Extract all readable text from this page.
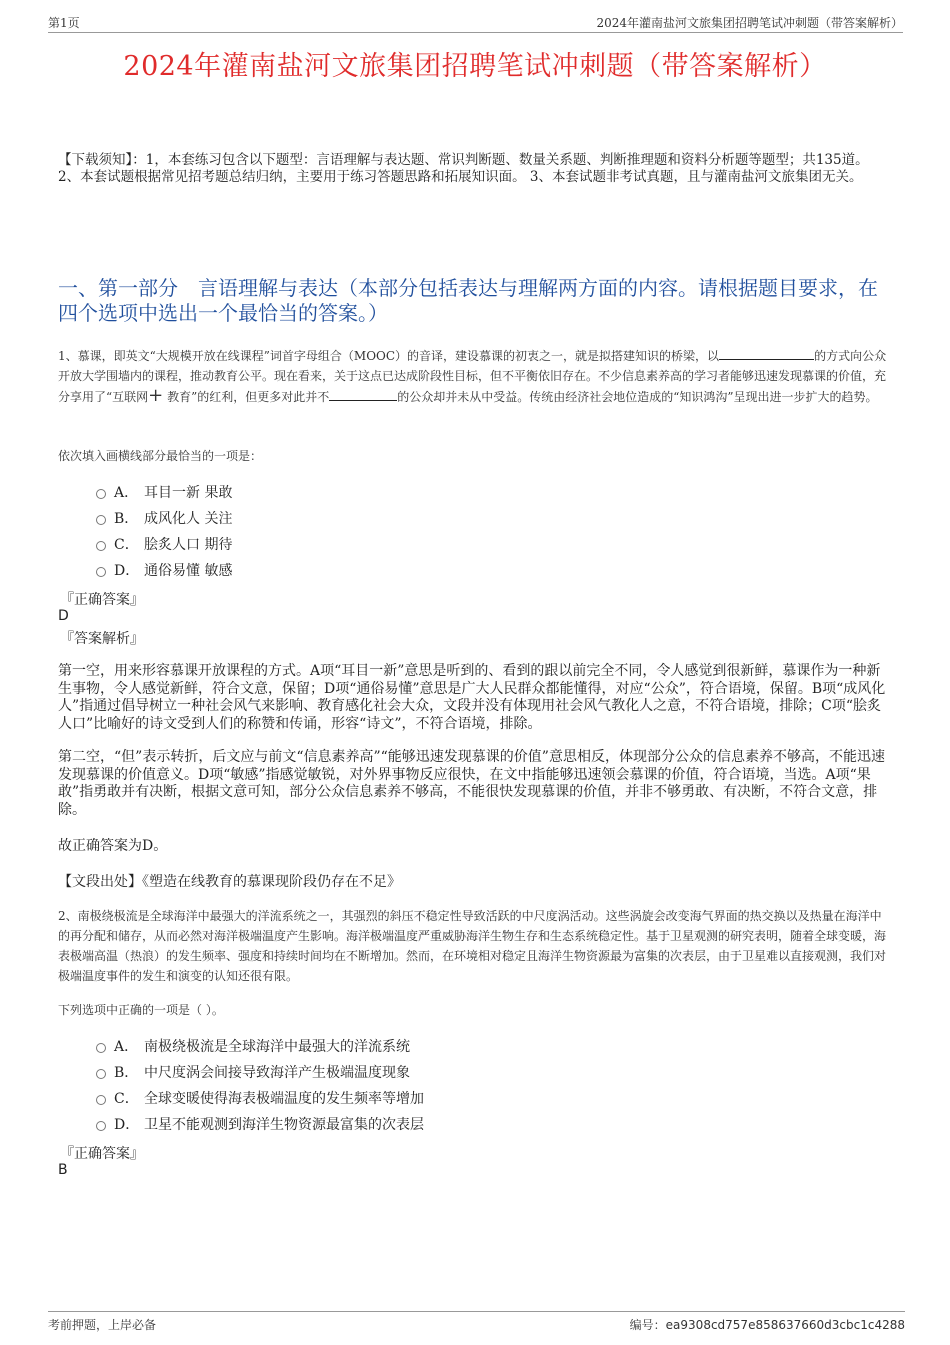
第1页	2024年灌南盐河文旅集团招聘笔试冲刺题（带答案解析）
2024年灌南盐河文旅集团招聘笔试冲刺题（带答案解析）
【下载须知】：1，本套练习包含以下题型：言语理解与表达题、常识判断题、数量关系题、判断推理题和资料分析题等题型；共135道。 2、本套试题根据常见招考题总结归纳，主要用于练习答题思路和拓展知识面。 3、本套试题非考试真题，且与灌南盐河文旅集团无关。
一、第一部分　言语理解与表达（本部分包括表达与理解两方面的内容。请根据题目要求，在四个选项中选出一个最恰当的答案。）
1、慕课，即英文“大规模开放在线课程”词首字母组合（MOOC）的音译，建设慕课的初衷之一，就是拟搭建知识的桥梁，以	的方式向公众开放大学围墙内的课程，推动教育公平。现在看来，关于这点已达成阶段性目标，但不平衡依旧存在。不少信息素养高的学习者能够迅速发现慕课的价值，充分享用了“互联网+ 教育”的红利，但更多对此并不	的公众却并未从中受益。传统由经济社会地位造成的“知识鸿沟”呈现出进一步扩大的趋势。
依次填入画横线部分最恰当的一项是：
A． 耳目一新 果敢
B． 成风化人 关注
C． 脍炙人口 期待
D． 通俗易懂 敏感
『正确答案』
D
『答案解析』
第一空，用来形容慕课开放课程的方式。A项“耳目一新”意思是听到的、看到的跟以前完全不同，令人感觉到很新鲜，慕课作为一种新生事物，令人感觉新鲜，符合文意，保留；D项“通俗易懂”意思是广大人民群众都能懂得，对应“公众”，符合语境，保留。B项“成风化人”指通过倡导树立一种社会风气来影响、教育感化社会大众，文段并没有体现用社会风气教化人之意，不符合语境，排除；C项“脍炙人口”比喻好的诗文受到人们的称赞和传诵，形容“诗文”，不符合语境，排除。
第二空，“但”表示转折，后文应与前文“信息素养高”“能够迅速发现慕课的价值”意思相反，体现部分公众的信息素养不够高，不能迅速发现慕课的价值意义。D项“敏感”指感觉敏锐，对外界事物反应很快，在文中指能够迅速领会慕课的价值，符合语境，当选。A项“果敢”指勇敢并有决断，根据文意可知，部分公众信息素养不够高，不能很快发现慕课的价值，并非不够勇敢、有决断，不符合文意，排除。
故正确答案为D。
【文段出处】《塑造在线教育的慕课现阶段仍存在不足》
2、南极绕极流是全球海洋中最强大的洋流系统之一，其强烈的斜压不稳定性导致活跃的中尺度涡活动。这些涡旋会改变海气界面的热交换以及热量在海洋中的再分配和储存，从而必然对海洋极端温度产生影响。海洋极端温度严重威胁海洋生物生存和生态系统稳定性。基于卫星观测的研究表明，随着全球变暖，海表极端高温（热浪）的发生频率、强度和持续时间均在不断增加。然而，在环境相对稳定且海洋生物资源最为富集的次表层，由于卫星难以直接观测，我们对极端温度事件的发生和演变的认知还很有限。
下列选项中正确的一项是（ ）。
A． 南极绕极流是全球海洋中最强大的洋流系统
B． 中尺度涡会间接导致海洋产生极端温度现象
C． 全球变暖使得海表极端温度的发生频率等增加
D． 卫星不能观测到海洋生物资源最富集的次表层
『正确答案』
B
考前押题，上岸必备	编号：ea9308cd757e858637660d3cbc1c4288
